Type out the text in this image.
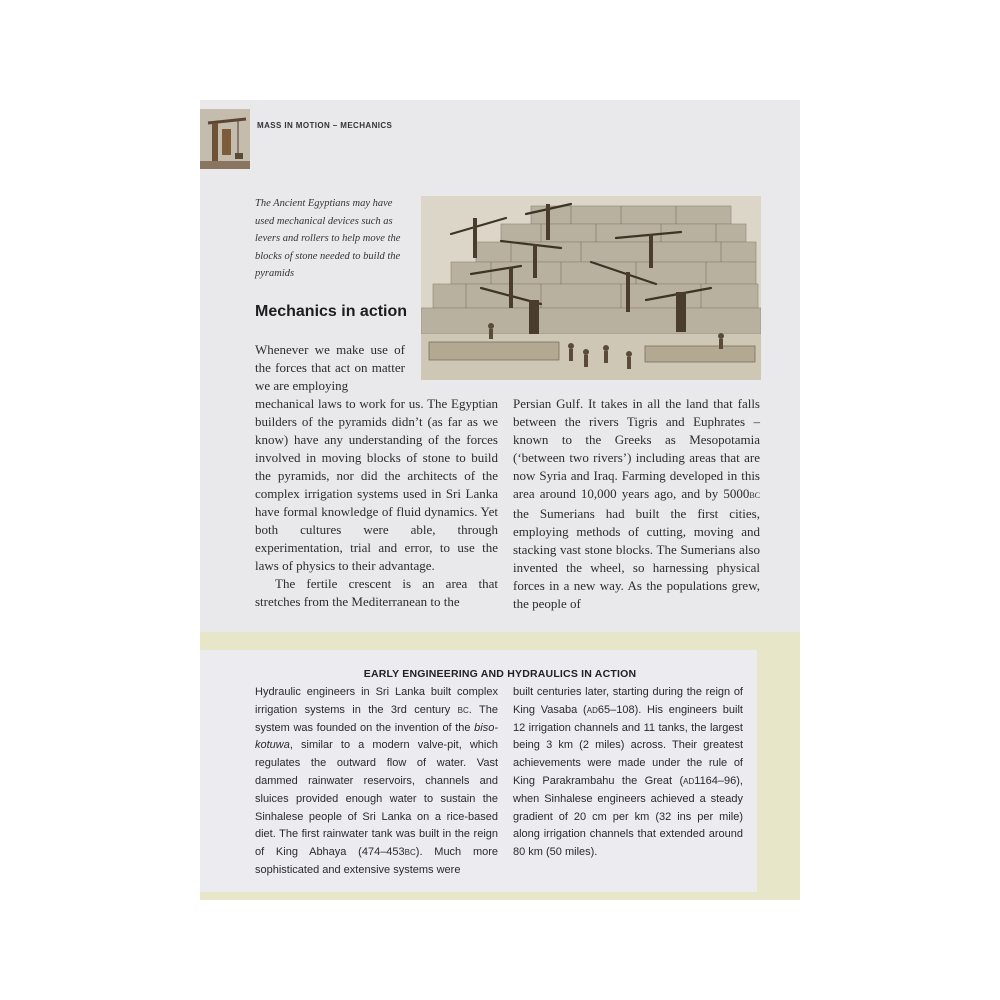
MASS IN MOTION – MECHANICS
The Ancient Egyptians may have used mechanical devices such as levers and rollers to help move the blocks of stone needed to build the pyramids
Mechanics in action

Whenever we make use of the forces that act on matter we are employing

mechanical laws to work for us. The Egyptian builders of the pyramids didn’t (as far as we know) have any understanding of the forces involved in moving blocks of stone to build the pyramids, nor did the architects of the complex irrigation systems used in Sri Lanka have formal knowledge of fluid dynamics. Yet both cultures were able, through experimentation, trial and error, to use the laws of physics to their advantage.

The fertile crescent is an area that stretches from the Mediterranean to the

Persian Gulf. It takes in all the land that falls between the rivers Tigris and Euphrates – known to the Greeks as Mesopotamia (‘between two rivers’) including areas that are now Syria and Iraq. Farming developed in this area around 10,000 years ago, and by 5000BC the Sumerians had built the first cities, employing methods of cutting, moving and stacking vast stone blocks. The Sumerians also invented the wheel, so harnessing physical forces in a new way. As the populations grew, the people of

EARLY ENGINEERING AND HYDRAULICS IN ACTION

Hydraulic engineers in Sri Lanka built complex irrigation systems in the 3rd century BC. The system was founded on the invention of the biso-kotuwa, similar to a modern valve-pit, which regulates the outward flow of water. Vast dammed rainwater reservoirs, channels and sluices provided enough water to sustain the Sinhalese people of Sri Lanka on a rice-based diet. The first rainwater tank was built in the reign of King Abhaya (474–453BC). Much more sophisticated and extensive systems were

built centuries later, starting during the reign of King Vasaba (AD65–108). His engineers built 12 irrigation channels and 11 tanks, the largest being 3 km (2 miles) across. Their greatest achievements were made under the rule of King Parakrambahu the Great (AD1164–96), when Sinhalese engineers achieved a steady gradient of 20 cm per km (32 ins per mile) along irrigation channels that extended around 80 km (50 miles).
